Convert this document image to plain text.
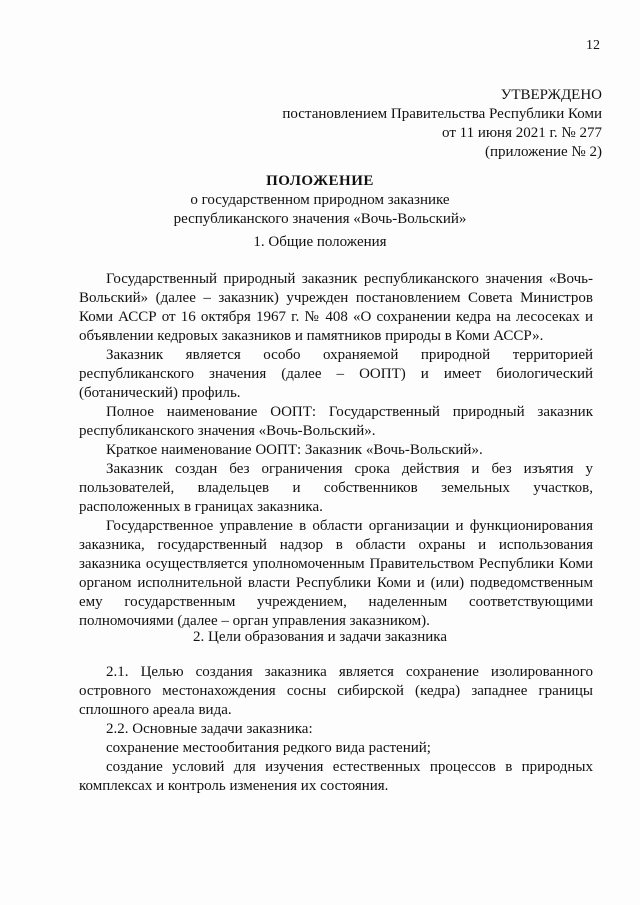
12
УТВЕРЖДЕНО
постановлением Правительства Республики Коми
от 11 июня 2021 г. № 277
(приложение № 2)
ПОЛОЖЕНИЕ
о государственном природном заказнике
республиканского значения «Вочь-Вольский»
1. Общие положения

Государственный природный заказник республиканского значения «Вочь-Вольский» (далее – заказник) учрежден постановлением Совета Министров Коми АССР от 16 октября 1967 г. № 408 «О сохранении кедра на лесосеках и объявлении кедровых заказников и памятников природы в Коми АССР».

Заказник является особо охраняемой природной территорией республиканского значения (далее – ООПТ) и имеет биологический (ботанический) профиль.

Полное наименование ООПТ: Государственный природный заказник республиканского значения «Вочь-Вольский».

Краткое наименование ООПТ: Заказник «Вочь-Вольский».

Заказник создан без ограничения срока действия и без изъятия у пользователей, владельцев и собственников земельных участков, расположенных в границах заказника.

Государственное управление в области организации и функционирования заказника, государственный надзор в области охраны и использования заказника осуществляется уполномоченным Правительством Республики Коми органом исполнительной власти Республики Коми и (или) подведомственным ему государственным учреждением, наделенным соответствующими полномочиями (далее – орган управления заказником).

2. Цели образования и задачи заказника

2.1. Целью создания заказника является сохранение изолированного островного местонахождения сосны сибирской (кедра) западнее границы сплошного ареала вида.

2.2. Основные задачи заказника:

сохранение местообитания редкого вида растений;

создание условий для изучения естественных процессов в природных комплексах и контроль изменения их состояния.
